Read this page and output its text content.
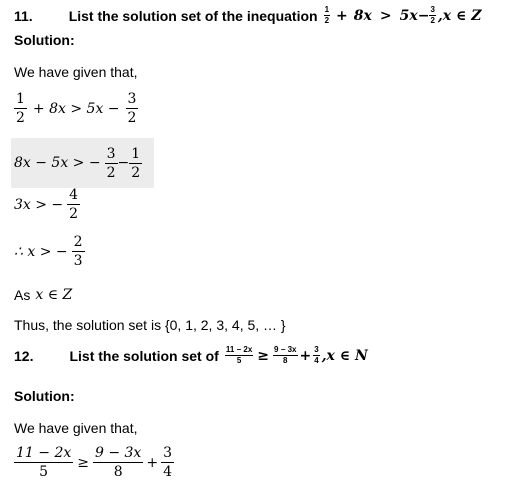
11.	List the solution set of the inequation 1
$2 + 8x > 5x - \frac{3}{2} ,x$ ∈ Z
Solution:
We have given that,
$\frac{1}{2} + 8x > 5x - \frac{3}{2}$
8x − 5x > − $\frac{3}{2} - \frac{1}{2}$
3x > − $\frac{4}{2}$
∴ x > − $\frac{2}{3}$
As x ∈ Z
Thus, the solution set is {0, 1, 2, 3, 4, 5, … }
12.	List the solution set of $\frac{11 - 2x}{5} \ge \frac{9 - 3x}{8} + \frac{3}{4} ,x$ ∈ N
Solution:
We have given that,
$\frac{11 - 2x}{5} \ge \frac{9 - 3x}{8} + \frac{3}{4}$
